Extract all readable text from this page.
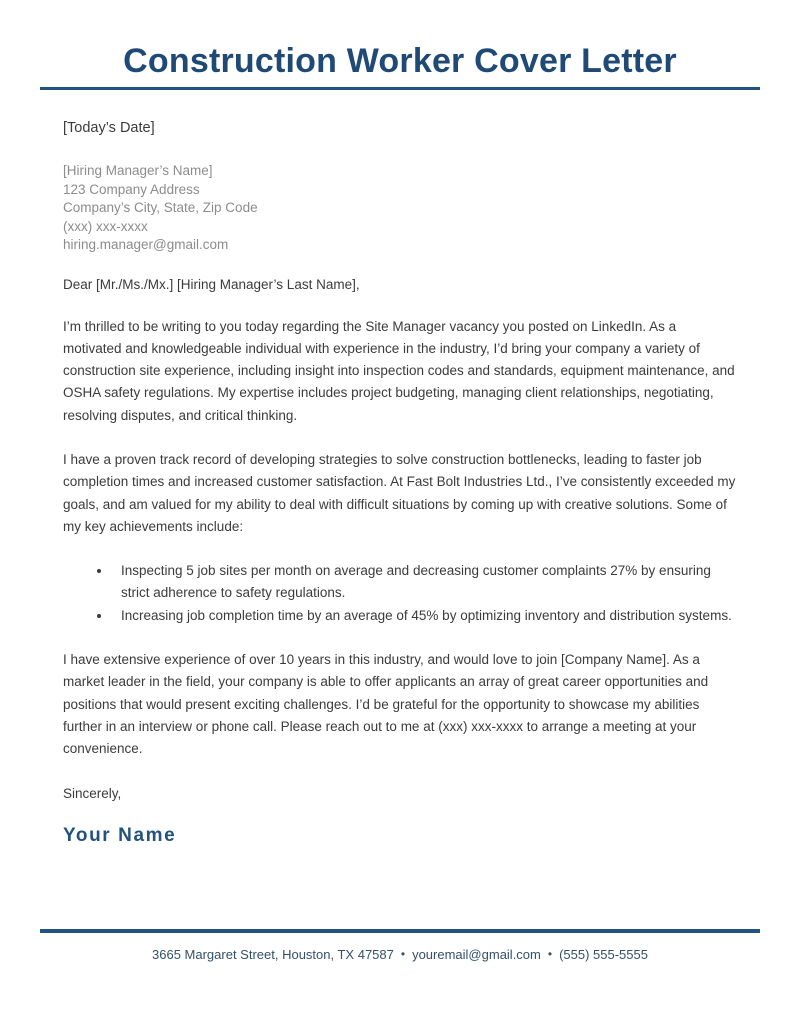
Construction Worker Cover Letter

[Today’s Date]

[Hiring Manager’s Name]
123 Company Address
Company’s City, State, Zip Code
(xxx) xxx-xxxx
hiring.manager@gmail.com

Dear [Mr./Ms./Mx.] [Hiring Manager’s Last Name],

I’m thrilled to be writing to you today regarding the Site Manager vacancy you posted on LinkedIn. As a motivated and knowledgeable individual with experience in the industry, I’d bring your company a variety of construction site experience, including insight into inspection codes and standards, equipment maintenance, and OSHA safety regulations. My expertise includes project budgeting, managing client relationships, negotiating, resolving disputes, and critical thinking.

I have a proven track record of developing strategies to solve construction bottlenecks, leading to faster job completion times and increased customer satisfaction. At Fast Bolt Industries Ltd., I’ve consistently exceeded my goals, and am valued for my ability to deal with difficult situations by coming up with creative solutions. Some of my key achievements include:

• Inspecting 5 job sites per month on average and decreasing customer complaints 27% by ensuring strict adherence to safety regulations.
• Increasing job completion time by an average of 45% by optimizing inventory and distribution systems.

I have extensive experience of over 10 years in this industry, and would love to join [Company Name]. As a market leader in the field, your company is able to offer applicants an array of great career opportunities and positions that would present exciting challenges. I’d be grateful for the opportunity to showcase my abilities further in an interview or phone call. Please reach out to me at (xxx) xxx-xxxx to arrange a meeting at your convenience.

Sincerely,

Your Name

3665 Margaret Street, Houston, TX 47587 • youremail@gmail.com • (555) 555-5555
